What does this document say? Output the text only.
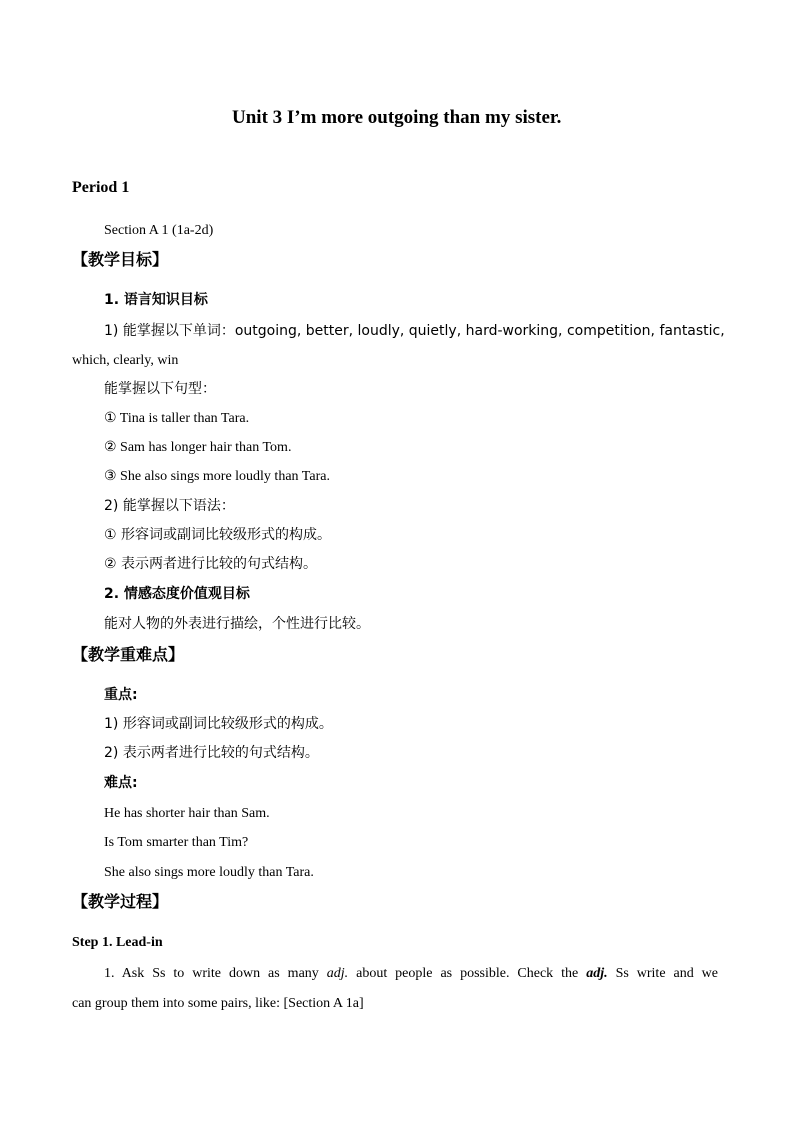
Unit 3 I’m more outgoing than my sister.
Period 1
Section A 1 (1a-2d)
【教学目标】
1. 语言知识目标
1) 能掌握以下单词：outgoing, better, loudly, quietly, hard-working, competition, fantastic,
which, clearly, win
能掌握以下句型：
① Tina is taller than Tara.
② Sam has longer hair than Tom.
③ She also sings more loudly than Tara.
2) 能掌握以下语法：
① 形容词或副词比较级形式的构成。
② 表示两者进行比较的句式结构。
2. 情感态度价值观目标
能对人物的外表进行描绘，个性进行比较。
【教学重难点】
重点:
1) 形容词或副词比较级形式的构成。
2) 表示两者进行比较的句式结构。
难点:
He has shorter hair than Sam.
Is Tom smarter than Tim?
She also sings more loudly than Tara.
【教学过程】
Step 1. Lead-in
1. Ask Ss to write down as many adj. about people as possible. Check the adj. Ss write and we
can group them into some pairs, like: [Section A 1a]
